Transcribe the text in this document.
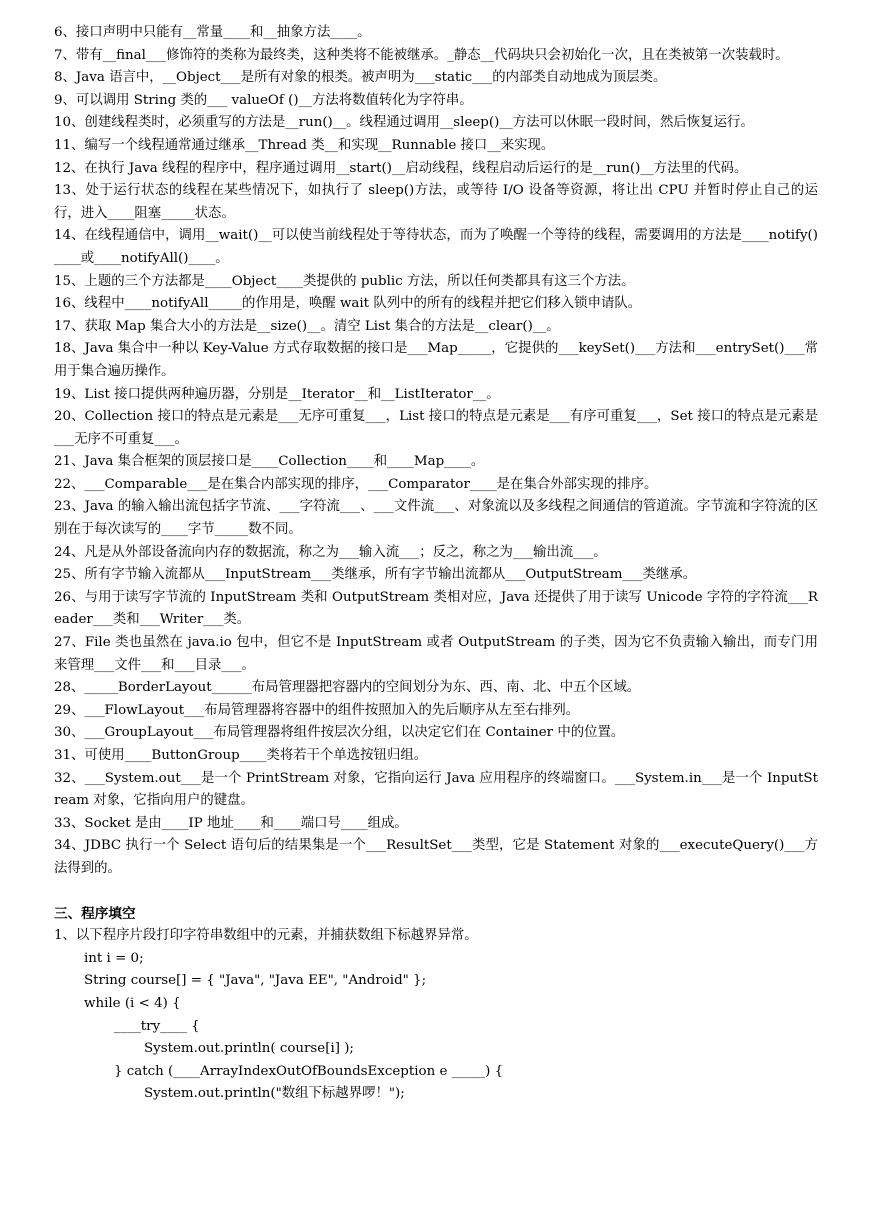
6、接口声明中只能有__常量____和__抽象方法____。

7、带有__final___修饰符的类称为最终类，这种类将不能被继承。_静态__代码块只会初始化一次，且在类被第一次装载时。

8、Java 语言中，__Object___是所有对象的根类。被声明为___static___的内部类自动地成为顶层类。

9、可以调用 String 类的___ valueOf ()__方法将数值转化为字符串。

10、创建线程类时，必须重写的方法是__run()__。线程通过调用__sleep()__方法可以休眠一段时间，然后恢复运行。

11、编写一个线程通常通过继承__Thread 类__和实现__Runnable 接口__来实现。

12、在执行 Java 线程的程序中，程序通过调用__start()__启动线程，线程启动后运行的是__run()__方法里的代码。

13、处于运行状态的线程在某些情况下，如执行了 sleep()方法，或等待 I/O 设备等资源，将让出 CPU 并暂时停止自己的运行，进入____阻塞_____状态。

14、在线程通信中，调用__wait()__可以使当前线程处于等待状态，而为了唤醒一个等待的线程，需要调用的方法是____notify()____或____notifyAll()____。

15、上题的三个方法都是____Object____类提供的 public 方法，所以任何类都具有这三个方法。

16、线程中____notifyAll_____的作用是，唤醒 wait 队列中的所有的线程并把它们移入锁申请队。

17、获取 Map 集合大小的方法是__size()__。清空 List 集合的方法是__clear()__。

18、Java 集合中一种以 Key-Value 方式存取数据的接口是___Map_____，它提供的___keySet()___方法和___entrySet()___常用于集合遍历操作。

19、List 接口提供两种遍历器，分别是__Iterator__和__ListIterator__。

20、Collection 接口的特点是元素是___无序可重复___，List 接口的特点是元素是___有序可重复___，Set 接口的特点是元素是___无序不可重复___。

21、Java 集合框架的顶层接口是____Collection____和____Map____。

22、___Comparable___是在集合内部实现的排序，___Comparator____是在集合外部实现的排序。

23、Java 的输入输出流包括字节流、___字符流___、___文件流___、对象流以及多线程之间通信的管道流。字节流和字符流的区别在于每次读写的____字节_____数不同。

24、凡是从外部设备流向内存的数据流，称之为___输入流___；反之，称之为___输出流___。

25、所有字节输入流都从___InputStream___类继承，所有字节输出流都从___OutputStream___类继承。

26、与用于读写字节流的 InputStream 类和 OutputStream 类相对应，Java 还提供了用于读写 Unicode 字符的字符流___Reader___类和___Writer___类。

27、File 类也虽然在 java.io 包中，但它不是 InputStream 或者 OutputStream 的子类，因为它不负责输入输出，而专门用来管理___文件___和___目录___。

28、_____BorderLayout______布局管理器把容器内的空间划分为东、西、南、北、中五个区域。

29、___FlowLayout___布局管理器将容器中的组件按照加入的先后顺序从左至右排列。

30、___GroupLayout___布局管理器将组件按层次分组，以决定它们在 Container 中的位置。

31、可使用____ButtonGroup____类将若干个单选按钮归组。

32、___System.out___是一个 PrintStream 对象，它指向运行 Java 应用程序的终端窗口。___System.in___是一个 InputStream 对象，它指向用户的键盘。

33、Socket 是由____IP 地址____和____端口号____组成。

34、JDBC 执行一个 Select 语句后的结果集是一个___ResultSet___类型，它是 Statement 对象的___executeQuery()___方法得到的。

三、程序填空

1、以下程序片段打印字符串数组中的元素，并捕获数组下标越界异常。

int i = 0;

String course[] = { "Java", "Java EE", "Android" };

while (i < 4) {

____try____ {

System.out.println( course[i] );

} catch (____ArrayIndexOutOfBoundsException e _____) {

System.out.println("数组下标越界啰！");
